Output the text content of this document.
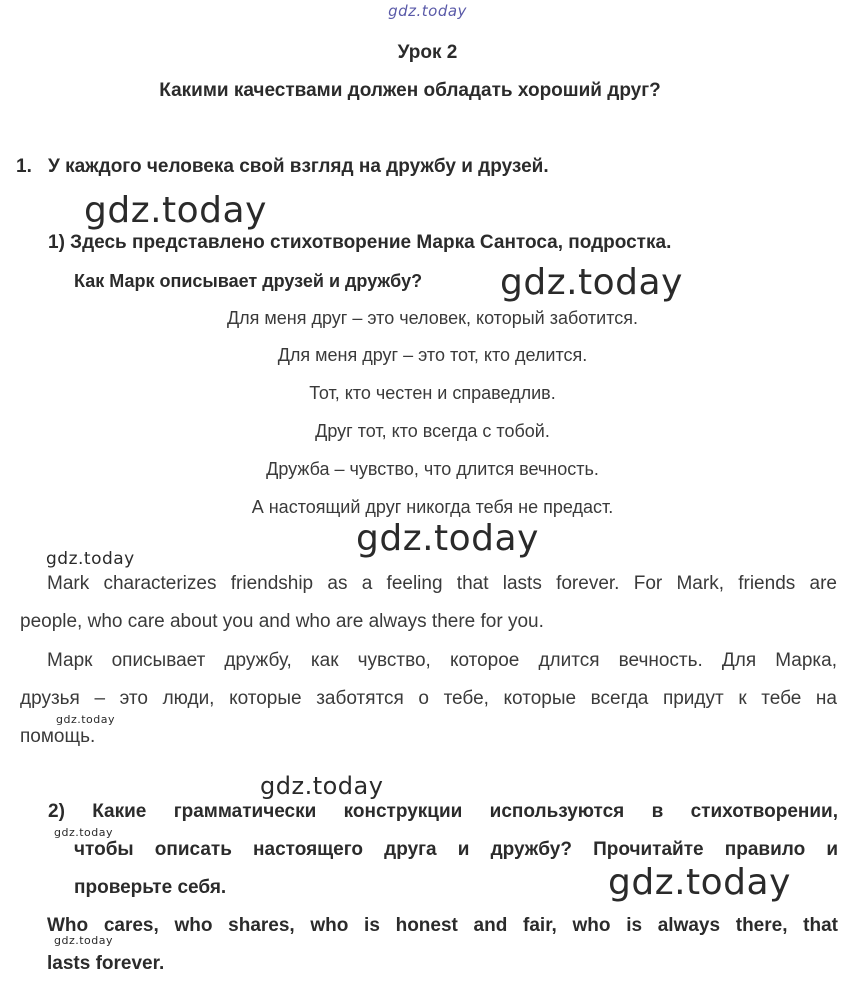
gdz.today
gdz.today
gdz.today
gdz.today
gdz.today
gdz.today
gdz.today
gdz.today
gdz.today
gdz.today
Урок 2
Какими качествами должен обладать хороший друг?
1. У каждого человека свой взгляд на дружбу и друзей.
1) Здесь представлено стихотворение Марка Сантоса, подростка.
Как Марк описывает друзей и дружбу?
Для меня друг – это человек, который заботится.
Для меня друг – это тот, кто делится.
Тот, кто честен и справедлив.
Друг тот, кто всегда с тобой.
Дружба – чувство, что длится вечность.
А настоящий друг никогда тебя не предаст.
Mark characterizes friendship as a feeling that lasts forever. For Mark, friends are
people, who care about you and who are always there for you.
Марк описывает дружбу, как чувство, которое длится вечность. Для Марка,
друзья – это люди, которые заботятся о тебе, которые всегда придут к тебе на
помощь.
2) Какие грамматически конструкции используются в стихотворении,
чтобы описать настоящего друга и дружбу? Прочитайте правило и
проверьте себя.
Who cares, who shares, who is honest and fair, who is always there, that
lasts forever.
